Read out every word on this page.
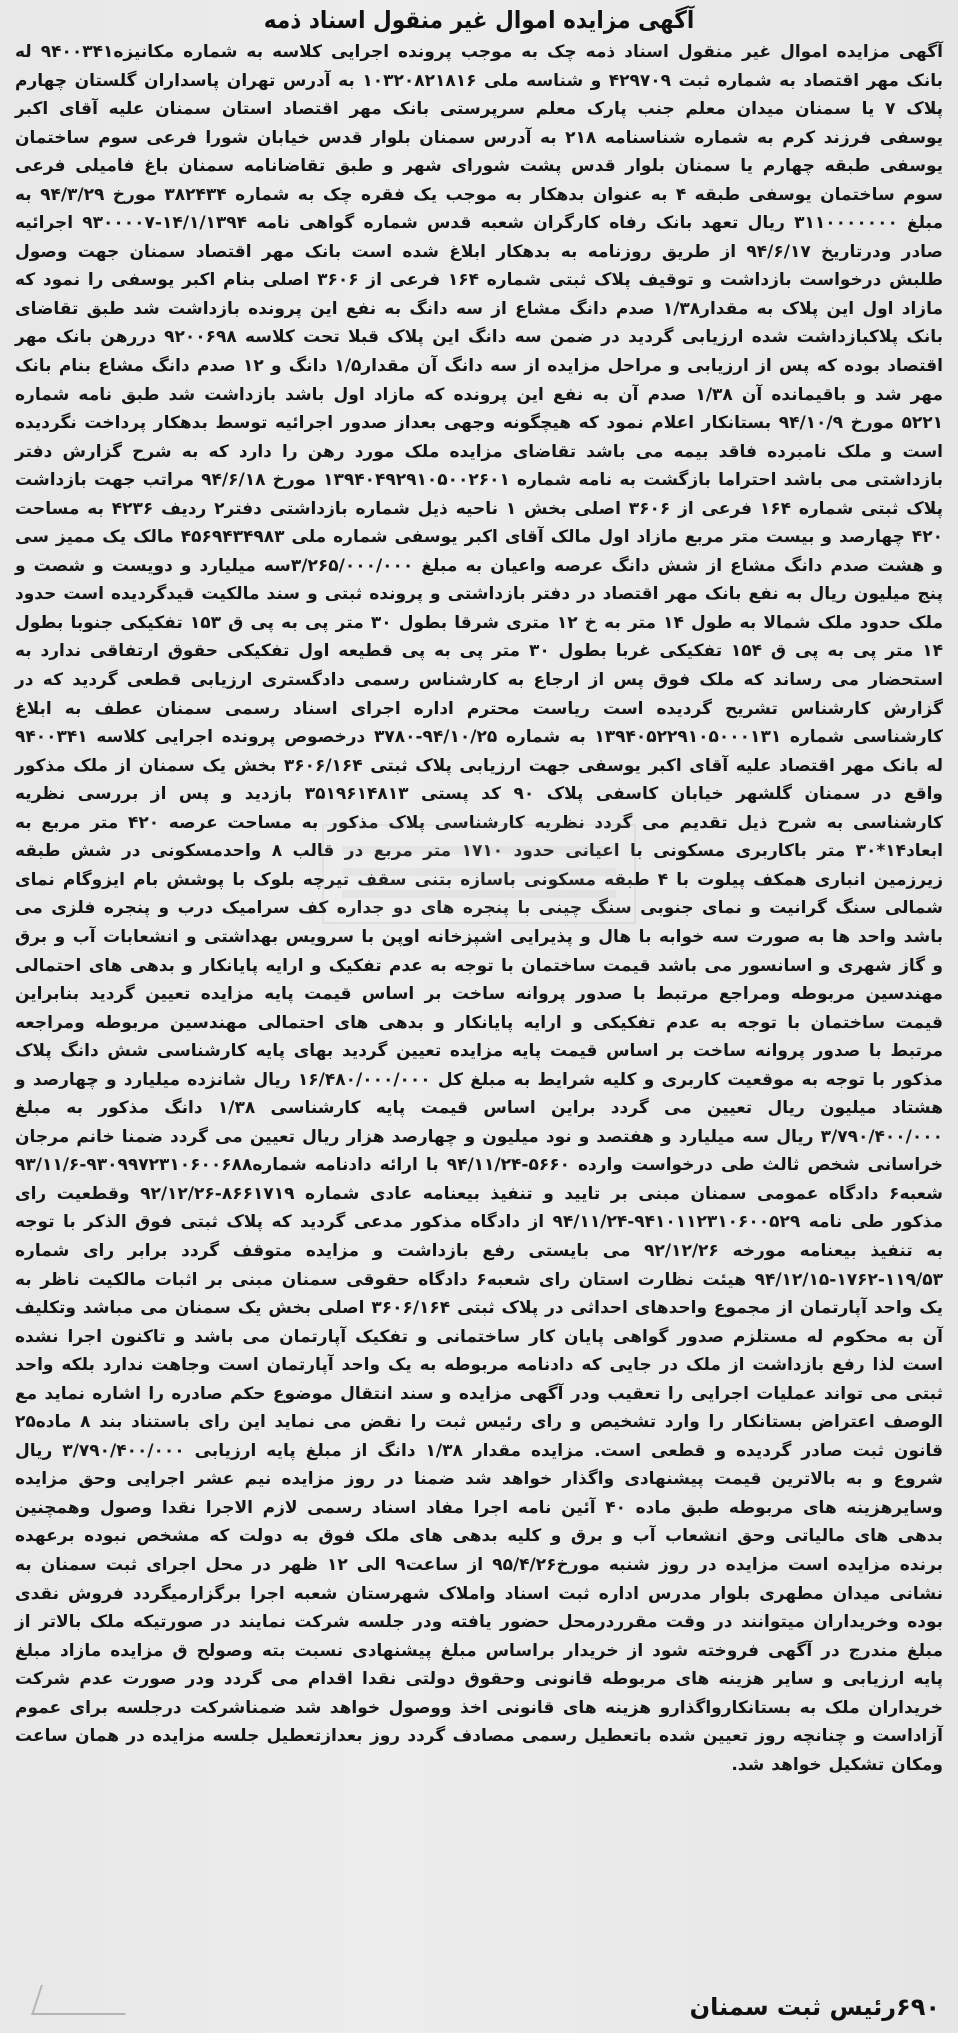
آگهی مزایده اموال غیر منقول اسناد ذمه

آگهی مزایده اموال غیر منقول اسناد ذمه چک به موجب پرونده اجرایی کلاسه به شماره مکانیزه۹۴۰۰۳۴۱ له بانک مهر اقتصاد به شماره ثبت ۴۲۹۷۰۹ و شناسه ملی ۱۰۳۲۰۸۲۱۸۱۶ به آدرس تهران پاسداران گلستان چهارم پلاک ۷ یا سمنان میدان معلم جنب پارک معلم سرپرستی بانک مهر اقتصاد استان سمنان علیه آقای اکبر یوسفی فرزند کرم به شماره شناسنامه ۲۱۸ به آدرس سمنان بلوار قدس خیابان شورا فرعی سوم ساختمان یوسفی طبقه چهارم یا سمنان بلوار قدس پشت شورای شهر و طبق تقاضانامه سمنان باغ فامیلی فرعی سوم ساختمان یوسفی طبقه ۴ به عنوان بدهکار به موجب یک فقره چک به شماره ۳۸۲۴۳۴ مورخ ۹۴/۳/۲۹ به مبلغ ۳۱۱۰۰۰۰۰۰۰ ریال تعهد بانک رفاه کارگران شعبه قدس شماره گواهی نامه ۱۴/۱/۱۳۹۴-۹۳۰۰۰۰۷ اجرائیه صادر ودرتاریخ ۹۴/۶/۱۷ از طریق روزنامه به بدهکار ابلاغ شده است بانک مهر اقتصاد سمنان جهت وصول طلبش درخواست بازداشت و توقیف پلاک ثبتی شماره ۱۶۴ فرعی از ۳۶۰۶ اصلی بنام اکبر یوسفی را نمود که مازاد اول این پلاک به مقدار۱/۳۸ صدم دانگ مشاع از سه دانگ به نفع این پرونده بازداشت شد طبق تقاضای بانک پلاکبازداشت شده ارزیابی گردید در ضمن سه دانگ این پلاک قبلا تحت کلاسه ۹۲۰۰۶۹۸ دررهن بانک مهر اقتصاد بوده که پس از ارزیابی و مراحل مزایده از سه دانگ آن مقدار۱/۵ دانگ و ۱۲ صدم دانگ مشاع بنام بانک مهر شد و باقیمانده آن ۱/۳۸ صدم آن به نفع این پرونده که مازاد اول باشد بازداشت شد طبق نامه شماره ۵۲۲۱ مورخ ۹۴/۱۰/۹ بستانکار اعلام نمود که هیچگونه وجهی بعداز صدور اجرائیه توسط بدهکار پرداخت نگردیده است و ملک نامبرده فاقد بیمه می باشد تقاضای مزایده ملک مورد رهن را دارد که به شرح گزارش دفتر بازداشتی می باشد احتراما بازگشت به نامه شماره ۱۳۹۴۰۴۹۲۹۱۰۵۰۰۲۶۰۱ مورخ ۹۴/۶/۱۸ مراتب جهت بازداشت پلاک ثبتی شماره ۱۶۴ فرعی از ۳۶۰۶ اصلی بخش ۱ ناحیه ذیل شماره بازداشتی دفتر۲ ردیف ۴۲۳۶ به مساحت ۴۲۰ چهارصد و بیست متر مربع مازاد اول مالک آقای اکبر یوسفی شماره ملی ۴۵۶۹۴۳۴۹۸۳ مالک یک ممیز سی و هشت صدم دانگ مشاع از شش دانگ عرصه واعیان به مبلغ ۳/۲۶۵/۰۰۰/۰۰۰سه میلیارد و دویست و شصت و پنج میلیون ریال به نفع بانک مهر اقتصاد در دفتر بازداشتی و پرونده ثبتی و سند مالکیت قیدگردیده است حدود ملک حدود ملک شمالا به طول ۱۴ متر به خ ۱۲ متری شرقا بطول ۳۰ متر پی به پی ق ۱۵۳ تفکیکی جنوبا بطول ۱۴ متر پی به پی ق ۱۵۴ تفکیکی غربا بطول ۳۰ متر پی به پی قطیعه اول تفکیکی حقوق ارتفاقی ندارد به استحضار می رساند که ملک فوق پس از ارجاع به کارشناس رسمی دادگستری ارزیابی قطعی گردید که در گزارش کارشناس تشریح گردیده است ریاست محترم اداره اجرای اسناد رسمی سمنان عطف به ابلاغ کارشناسی شماره ۱۳۹۴۰۵۲۲۹۱۰۵۰۰۰۱۳۱ به شماره ۹۴/۱۰/۲۵-۳۷۸۰ درخصوص پرونده اجرایی کلاسه ۹۴۰۰۳۴۱ له بانک مهر اقتصاد علیه آقای اکبر یوسفی جهت ارزیابی پلاک ثبتی ۳۶۰۶/۱۶۴ بخش یک سمنان از ملک مذکور واقع در سمنان گلشهر خیابان کاسفی پلاک ۹۰ کد پستی ۳۵۱۹۶۱۴۸۱۳ بازدید و پس از بررسی نظریه کارشناسی به شرح ذیل تقدیم می گردد نظریه کارشناسی پلاک مذکور به مساحت عرصه ۴۲۰ متر مربع به ابعاد۱۴*۳۰ متر باکاربری مسکونی با اعیانی حدود ۱۷۱۰ متر مربع در قالب ۸ واحدمسکونی در شش طبقه زیرزمین انباری همکف پیلوت با ۴ طبقه مسکونی باسازه بتنی سقف تیرچه بلوک با پوشش بام ایزوگام نمای شمالی سنگ گرانیت و نمای جنوبی سنگ چینی با پنجره های دو جداره کف سرامیک درب و پنجره فلزی می باشد واحد ها به صورت سه خوابه با هال و پذیرایی اشپزخانه اوپن با سرویس بهداشتی و انشعابات آب و برق و گاز شهری و اسانسور می باشد قیمت ساختمان با توجه به عدم تفکیک و ارایه پایانکار و بدهی های احتمالی مهندسین مربوطه ومراجع مرتبط با صدور پروانه ساخت بر اساس قیمت پایه مزایده تعیین گردید بنابراین قیمت ساختمان با توجه به عدم تفکیکی و ارایه پایانکار و بدهی های احتمالی مهندسین مربوطه ومراجعه مرتبط با صدور پروانه ساخت بر اساس قیمت پایه مزایده تعیین گردید بهای پایه کارشناسی شش دانگ پلاک مذکور با توجه به موقعیت کاربری و کلیه شرایط به مبلغ کل ۱۶/۴۸۰/۰۰۰/۰۰۰ ریال شانزده میلیارد و چهارصد و هشتاد میلیون ریال تعیین می گردد براین اساس قیمت پایه کارشناسی ۱/۳۸ دانگ مذکور به مبلغ ۳/۷۹۰/۴۰۰/۰۰۰ ریال سه میلیارد و هفتصد و نود میلیون و چهارصد هزار ریال تعیین می گردد ضمنا خانم مرجان خراسانی شخص ثالث طی درخواست وارده ۵۶۶۰-۹۴/۱۱/۲۴ با ارائه دادنامه شماره۹۳۰۹۹۷۲۳۱۰۶۰۰۶۸۸-۹۳/۱۱/۶ شعبه۶ دادگاه عمومی سمنان مبنی بر تایید و تنفیذ بیعنامه عادی شماره ۸۶۶۱۷۱۹-۹۲/۱۲/۲۶ وقطعیت رای مذکور طی نامه ۹۴۱۰۱۱۲۳۱۰۶۰۰۵۲۹-۹۴/۱۱/۲۴ از دادگاه مذکور مدعی گردید که پلاک ثبتی فوق الذکر با توجه به تنفیذ بیعنامه مورخه ۹۲/۱۲/۲۶ می بایستی رفع بازداشت و مزایده متوقف گردد برابر رای شماره ۱۱۹/۵۳-۱۷۶۲-۹۴/۱۲/۱۵ هیئت نظارت استان رای شعبه۶ دادگاه حقوقی سمنان مبنی بر اثبات مالکیت ناظر به یک واحد آپارتمان از مجموع واحدهای احداثی در پلاک ثبتی ۳۶۰۶/۱۶۴ اصلی بخش یک سمنان می مباشد وتکلیف آن به محکوم له مستلزم صدور گواهی پایان کار ساختمانی و تفکیک آپارتمان می باشد و تاکنون اجرا نشده است لذا رفع بازداشت از ملک در جایی که دادنامه مربوطه به یک واحد آپارتمان است وجاهت ندارد بلکه واحد ثبتی می تواند عملیات اجرایی را تعقیب ودر آگهی مزایده و سند انتقال موضوع حکم صادره را اشاره نماید مع الوصف اعتراض بستانکار را وارد تشخیص و رای رئیس ثبت را نقض می نماید این رای باستناد بند ۸ ماده۲۵ قانون ثبت صادر گردیده و قطعی است. مزایده مقدار ۱/۳۸ دانگ از مبلغ پایه ارزیابی ۳/۷۹۰/۴۰۰/۰۰۰ ریال شروع و به بالاترین قیمت پیشنهادی واگذار خواهد شد ضمنا در روز مزایده نیم عشر اجرایی وحق مزایده وسایرهزینه های مربوطه طبق ماده ۴۰ آئین نامه اجرا مفاد اسناد رسمی لازم الاجرا نقدا وصول وهمچنین بدهی های مالیاتی وحق انشعاب آب و برق و کلیه بدهی های ملک فوق به دولت که مشخص نبوده برعهده برنده مزایده است مزایده در روز شنبه مورخ۹۵/۴/۲۶ از ساعت۹ الی ۱۲ ظهر در محل اجرای ثبت سمنان به نشانی میدان مطهری بلوار مدرس اداره ثبت اسناد واملاک شهرستان شعبه اجرا برگزارمیگردد فروش نقدی بوده وخریداران میتوانند در وقت مقرردرمحل حضور یافته ودر جلسه شرکت نمایند در صورتیکه ملک بالاتر از مبلغ مندرج در آگهی فروخته شود از خریدار براساس مبلغ پیشنهادی نسبت بته وصولح ق مزایده مازاد مبلغ پایه ارزیابی و سایر هزینه های مربوطه قانونی وحقوق دولتی نقدا اقدام می گردد ودر صورت عدم شرکت خریداران ملک به بستانکارواگذارو هزینه های قانونی اخذ ووصول خواهد شد ضمناشرکت درجلسه برای عموم آزاداست و چنانچه روز تعیین شده باتعطیل رسمی مصادف گردد روز بعدازتعطیل جلسه مزایده در همان ساعت ومکان تشکیل خواهد شد.

۶۹۰رئیس ثبت سمنان
